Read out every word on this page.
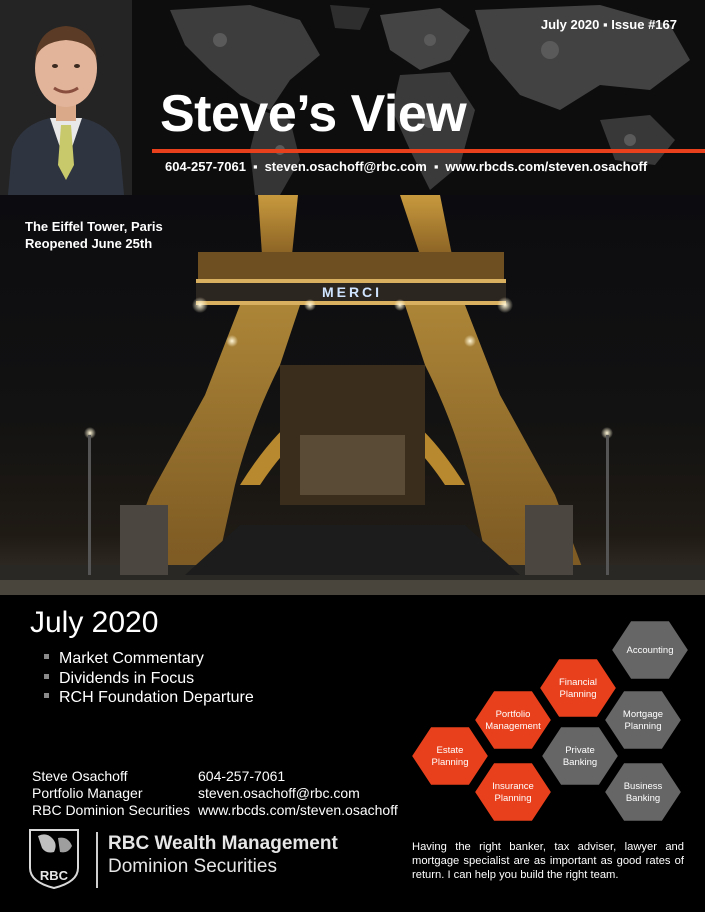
July 2020 ▪ Issue #167
Steve’s View
604-257-7061 ▪ steven.osachoff@rbc.com ▪ www.rbcds.com/steven.osachoff
MERCI
The Eiffel Tower, Paris
Reopened June 25th
July 2020
Market Commentary
Dividends in Focus
RCH Foundation Departure
Steve Osachoff	604-257-7061
Portfolio Manager	steven.osachoff@rbc.com
RBC Dominion Securities www.rbcds.com/steven.osachoff
RBC
RBC Wealth Management
Dominion Securities
Accounting
Financial
Planning
Portfolio
Management
Mortgage
Planning
Estate
Planning
Private
Banking
Insurance
Planning
Business
Banking
Having the right banker, tax adviser, lawyer and mortgage specialist are as important as good rates of return. I can help you build the right team.
